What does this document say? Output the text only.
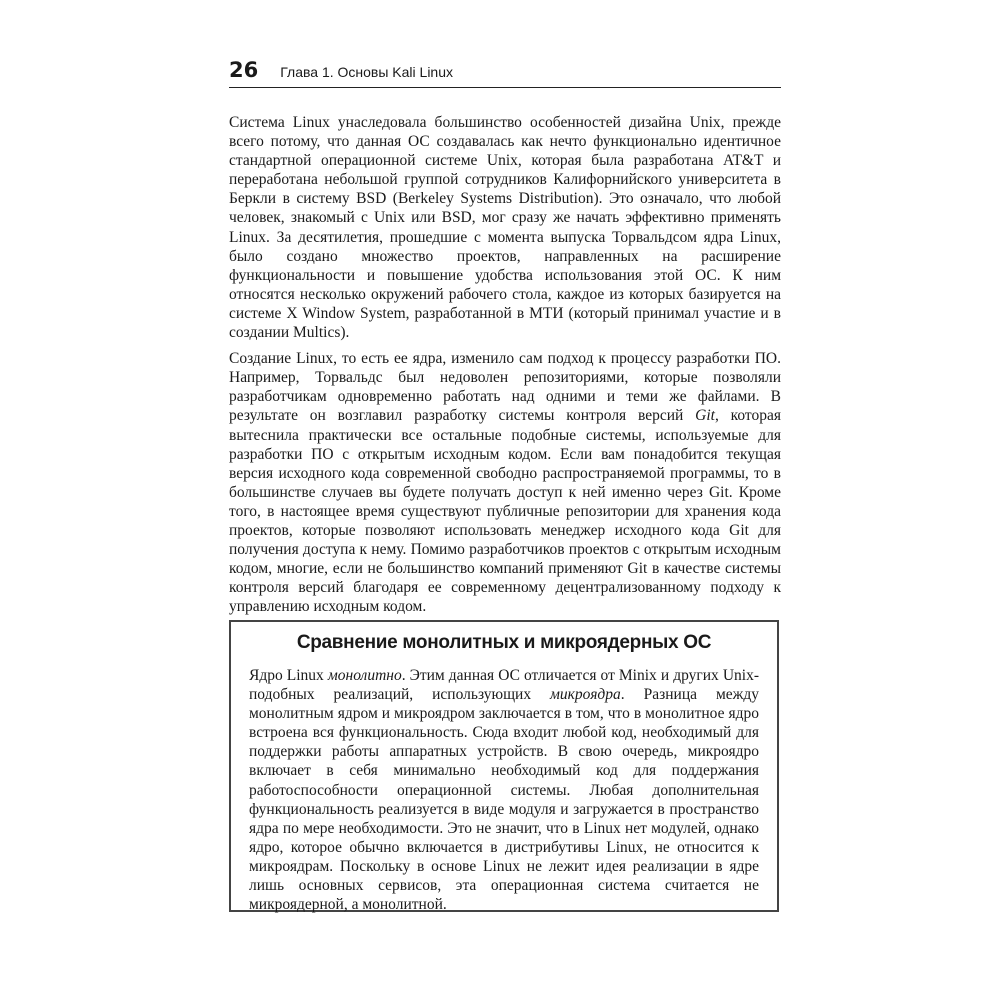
26 Глава 1. Основы Kali Linux

Система Linux унаследовала большинство особенностей дизайна Unix, прежде всего потому, что данная ОС создавалась как нечто функционально идентичное стандартной операционной системе Unix, которая была разработана AT&T и переработана небольшой группой сотрудников Калифорнийского университета в Беркли в систему BSD (Berkeley Systems Distribution). Это означало, что любой человек, знакомый с Unix или BSD, мог сразу же начать эффективно применять Linux. За десятилетия, прошедшие с момента выпуска Торвальдсом ядра Linux, было создано множество проектов, направленных на расширение функциональности и повышение удобства использования этой ОС. К ним относятся несколько окружений рабочего стола, каждое из которых базируется на системе X Window System, разработанной в МТИ (который принимал участие и в создании Multics).

Создание Linux, то есть ее ядра, изменило сам подход к процессу разработки ПО. Например, Торвальдс был недоволен репозиториями, которые позволяли разработчикам одновременно работать над одними и теми же файлами. В результате он возглавил разработку системы контроля версий Git, которая вытеснила практически все остальные подобные системы, используемые для разработки ПО с открытым исходным кодом. Если вам понадобится текущая версия исходного кода современной свободно распространяемой программы, то в большинстве случаев вы будете получать доступ к ней именно через Git. Кроме того, в настоящее время существуют публичные репозитории для хранения кода проектов, которые позволяют использовать менеджер исходного кода Git для получения доступа к нему. Помимо разработчиков проектов с открытым исходным кодом, многие, если не большинство компаний применяют Git в качестве системы контроля версий благодаря ее современному децентрализованному подходу к управлению исходным кодом.

Сравнение монолитных и микроядерных ОС

Ядро Linux монолитно. Этим данная ОС отличается от Minix и других Unix-подобных реализаций, использующих микроядра. Разница между монолитным ядром и микроядром заключается в том, что в монолитное ядро встроена вся функциональность. Сюда входит любой код, необходимый для поддержки работы аппаратных устройств. В свою очередь, микроядро включает в себя минимально необходимый код для поддержания работоспособности операционной системы. Любая дополнительная функциональность реализуется в виде модуля и загружается в пространство ядра по мере необходимости. Это не значит, что в Linux нет модулей, однако ядро, которое обычно включается в дистрибутивы Linux, не относится к микроядрам. Поскольку в основе Linux не лежит идея реализации в ядре лишь основных сервисов, эта операционная система считается не микроядерной, а монолитной.
